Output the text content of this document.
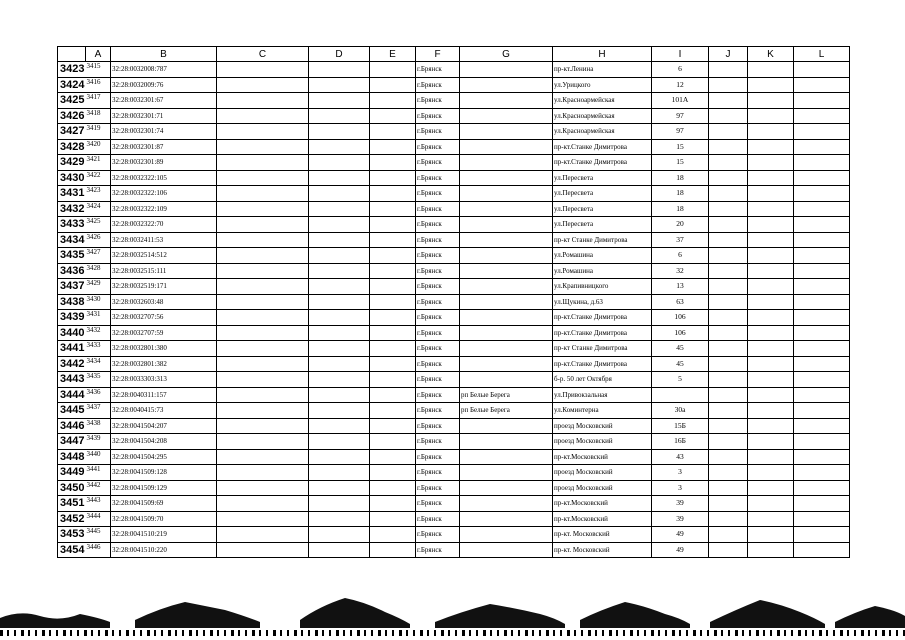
	A	B	C	D	E	F	G	H	I	J	K	L
3423	3415	32:28:0032008:787				г.Брянск		пр-кт.Ленина	6			
3424	3416	32:28:0032009:76				г.Брянск		ул.Урицкого	12			
3425	3417	32:28:0032301:67				г.Брянск		ул.Красноармейская	101А			
3426	3418	32:28:0032301:71				г.Брянск		ул.Красноармейская	97			
3427	3419	32:28:0032301:74				г.Брянск		ул.Красноармейская	97			
3428	3420	32:28:0032301:87				г.Брянск		пр-кт.Станке Димитрова	15			
3429	3421	32:28:0032301:89				г.Брянск		пр-кт.Станке Димитрова	15			
3430	3422	32:28:0032322:105				г.Брянск		ул.Пересвета	18			
3431	3423	32:28:0032322:106				г.Брянск		ул.Пересвета	18			
3432	3424	32:28:0032322:109				г.Брянск		ул.Пересвета	18			
3433	3425	32:28:0032322:70				г.Брянск		ул.Пересвета	20			
3434	3426	32:28:0032411:53				г.Брянск		пр-кт Станке Димитрова	37			
3435	3427	32:28:0032514:512				г.Брянск		ул.Ромашина	6			
3436	3428	32:28:0032515:111				г.Брянск		ул.Ромашина	32			
3437	3429	32:28:0032519:171				г.Брянск		ул.Крапивницкого	13			
3438	3430	32:28:0032603:48				г.Брянск		ул.Щукина, д.63	63			
3439	3431	32:28:0032707:56				г.Брянск		пр-кт.Станке Димитрова	106			
3440	3432	32:28:0032707:59				г.Брянск		пр-кт.Станке Димитрова	106			
3441	3433	32:28:0032801:380				г.Брянск		пр-кт Станке Димитрова	45			
3442	3434	32:28:0032801:382				г.Брянск		пр-кт.Станке Димитрова	45			
3443	3435	32:28:0033303:313				г.Брянск		б-р. 50 лет Октября	5			
3444	3436	32:28:0040311:157				г.Брянск	рп Белые Берега	ул.Привокзальная				
3445	3437	32:28:0040415:73				г.Брянск	рп Белые Берега	ул.Коминтерна	30а			
3446	3438	32:28:0041504:207				г.Брянск		проезд Московский	15Б			
3447	3439	32:28:0041504:208				г.Брянск		проезд Московский	16Б			
3448	3440	32:28:0041504:295				г.Брянск		пр-кт.Московский	43			
3449	3441	32:28:0041509:128				г.Брянск		проезд Московский	3			
3450	3442	32:28:0041509:129				г.Брянск		проезд Московский	3			
3451	3443	32:28:0041509:69				г.Брянск		пр-кт.Московский	39			
3452	3444	32:28:0041509:70				г.Брянск		пр-кт.Московский	39			
3453	3445	32:28:0041510:219				г.Брянск		пр-кт. Московский	49			
3454	3446	32:28:0041510:220				г.Брянск		пр-кт. Московский	49			
